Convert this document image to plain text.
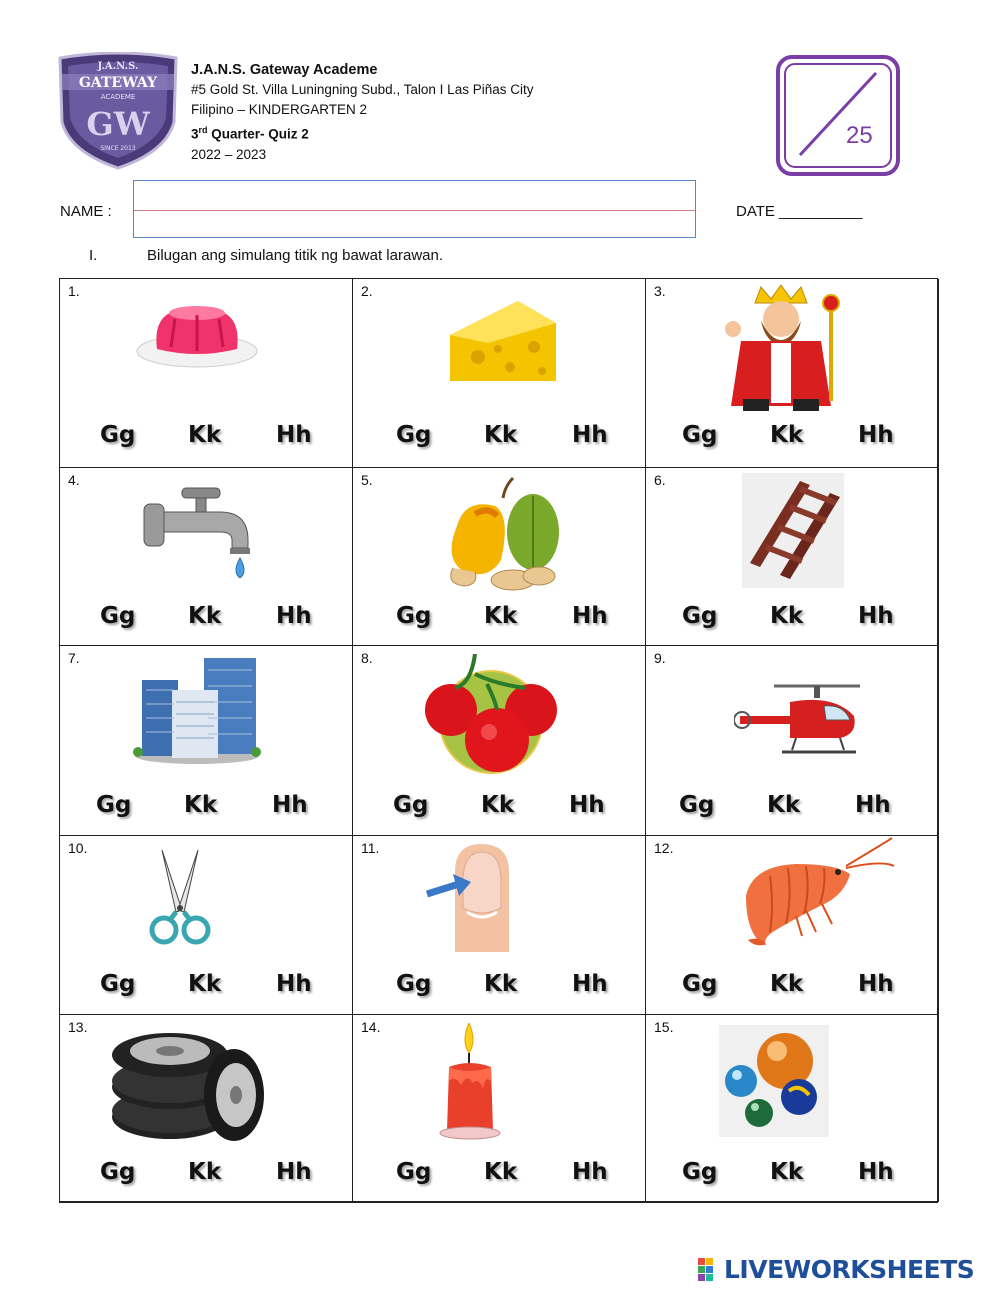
J.A.N.S.
GATEWAY
ACADEME
GW
SINCE 2013
J.A.N.S. Gateway Academe
#5 Gold St. Villa Luningning Subd., Talon I Las Piñas City
Filipino – KINDERGARTEN 2
3rd Quarter- Quiz 2
2022 – 2023
25
NAME :	DATE __________
I.	Bilugan ang simulang titik ng bawat larawan.
1.
Gg Kk Hh
2.
Gg Kk Hh
3.
Gg Kk Hh
4.
Gg Kk Hh
5.
Gg Kk Hh
6.
Gg Kk Hh
7.
Gg Kk Hh
8.
Gg Kk Hh
9.
Gg Kk Hh
10.
Gg Kk Hh
11.
Gg Kk Hh
12.
Gg Kk Hh
13.
Gg Kk Hh
14.
Gg Kk Hh
15.
Gg Kk Hh
LIVEWORKSHEETS
